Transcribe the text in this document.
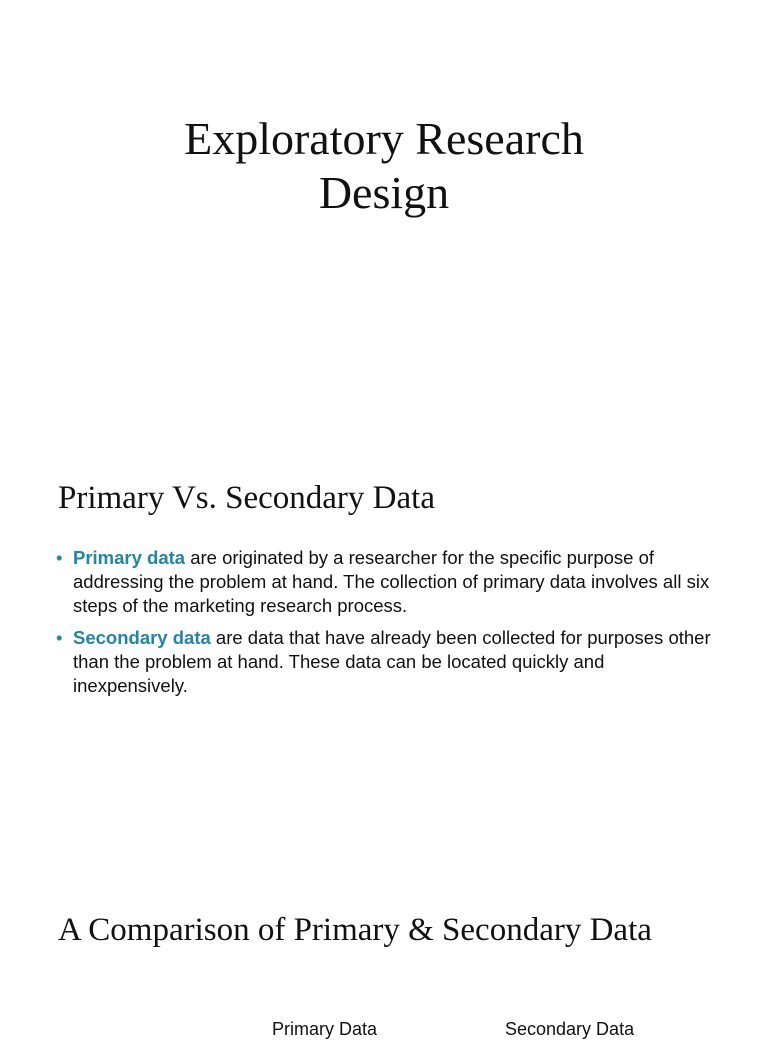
Exploratory Research
Design
Primary Vs. Secondary Data
• Primary data are originated by a researcher for the specific purpose of addressing the problem at hand. The collection of primary data involves all six steps of the marketing research process.
• Secondary data are data that have already been collected for purposes other than the problem at hand. These data can be located quickly and inexpensively.
A Comparison of Primary & Secondary Data
Primary Data	Secondary Data
